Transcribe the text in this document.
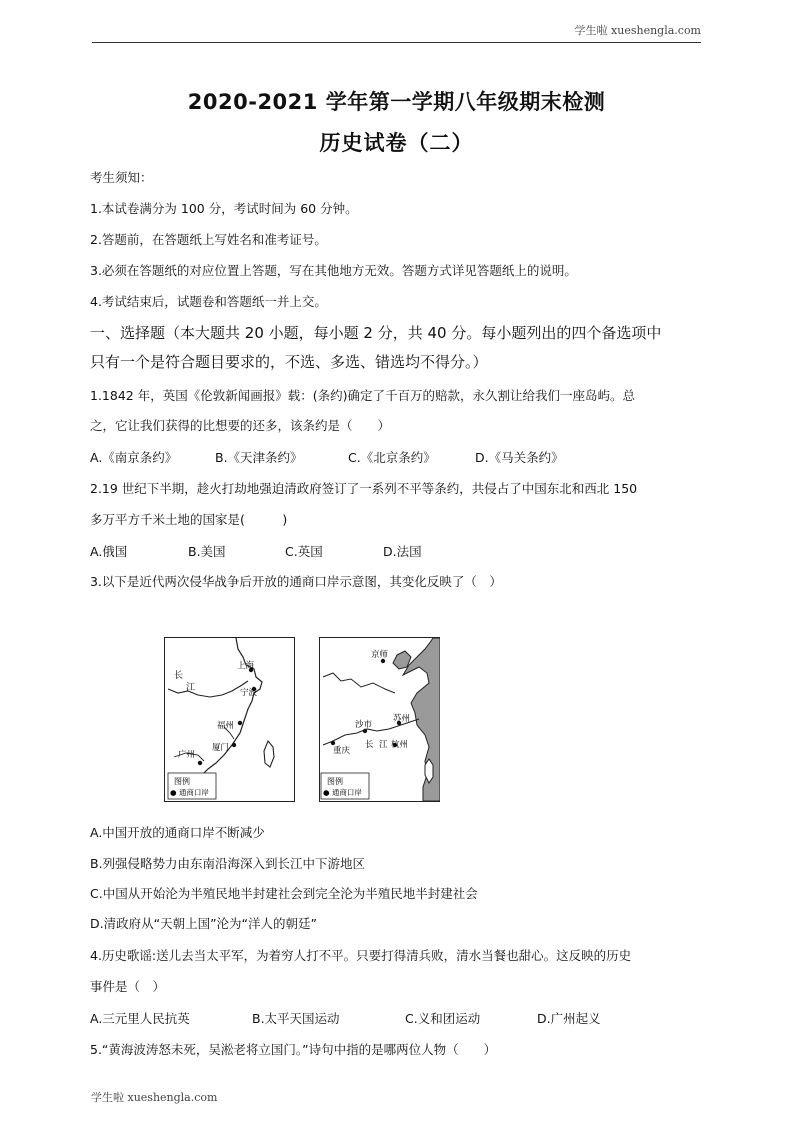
学生啦 xueshengla.com
2020-2021 学年第一学期八年级期末检测
历史试卷（二）
考生须知：
1.本试卷满分为 100 分，考试时间为 60 分钟。
2.答题前，在答题纸上写姓名和准考证号。
3.必须在答题纸的对应位置上答题，写在其他地方无效。答题方式详见答题纸上的说明。
4.考试结束后，试题卷和答题纸一并上交。
一、选择题（本大题共 20 小题，每小题 2 分，共 40 分。每小题列出的四个备选项中
只有一个是符合题目要求的，不选、多选、错选均不得分。）
1.1842 年，英国《伦敦新闻画报》载：(条约)确定了千百万的赔款，永久割让给我们一座岛屿。总
之，它让我们获得的比想要的还多，该条约是（　　）
A.《南京条约》	B.《天津条约》	C.《北京条约》	D.《马关条约》
2.19 世纪下半期，趁火打劫地强迫清政府签订了一系列不平等条约，共侵占了中国东北和西北 150
多万平方千米土地的国家是(　　　)
A.俄国	B.美国	C.英国	D.法国
3.以下是近代两次侵华战争后开放的通商口岸示意图，其变化反映了（　）
长
江
上海
宁波
福州
厦门
广州
图例
● 通商口岸
京师
苏州
沙市
长 江 杭州
重庆
图例
● 通商口岸
A.中国开放的通商口岸不断减少
B.列强侵略势力由东南沿海深入到长江中下游地区
C.中国从开始沦为半殖民地半封建社会到完全沦为半殖民地半封建社会
D.清政府从“天朝上国”沦为“洋人的朝廷”
4.历史歌谣:送儿去当太平军，为着穷人打不平。只要打得清兵败，清水当餐也甜心。这反映的历史
事件是（　）
A.三元里人民抗英	B.太平天国运动	C.义和团运动	D.广州起义
5.“黄海波涛怒未死，吴淞老将立国门。”诗句中指的是哪两位人物（　　）
学生啦 xueshengla.com
